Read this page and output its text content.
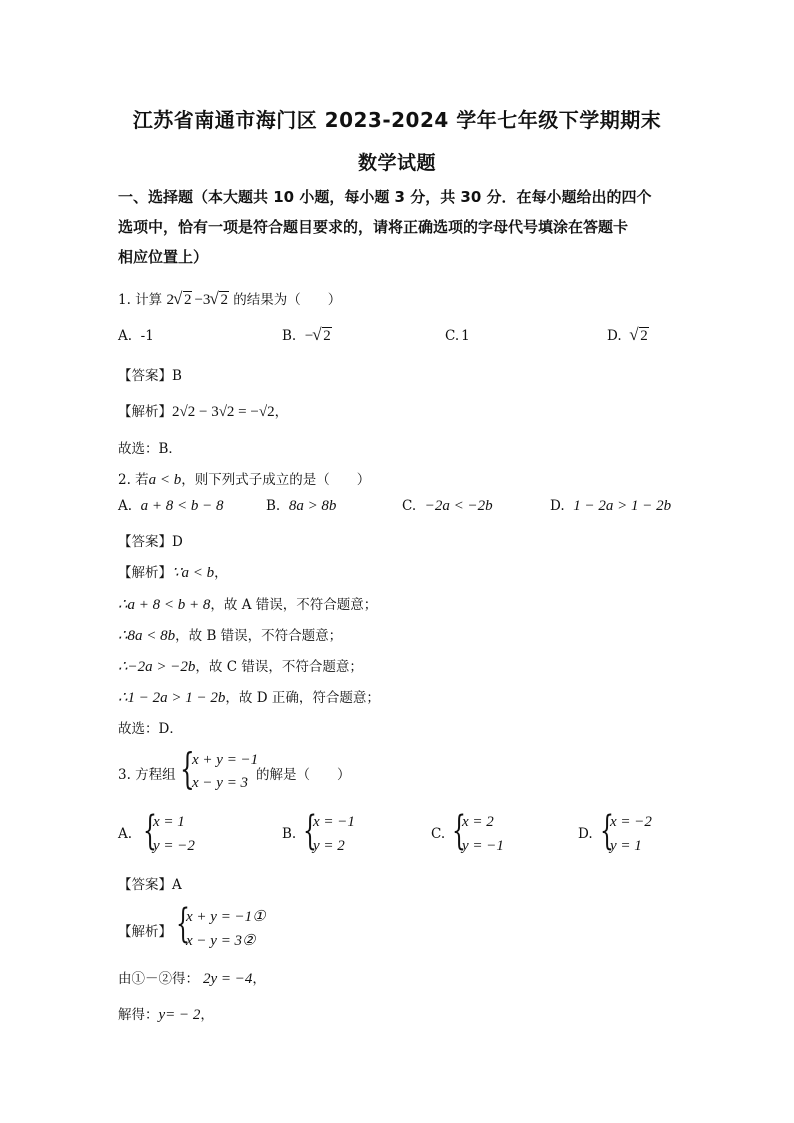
江苏省南通市海门区 2023-2024 学年七年级下学期期末
数学试题
一、选择题（本大题共 10 小题，每小题 3 分，共 30 分．在每小题给出的四个
选项中，恰有一项是符合题目要求的，请将正确选项的字母代号填涂在答题卡
相应位置上）
1. 计算 2 √ 2 −3 √ 2 的结果为（　　）
A. -1	B. − √ 2	C. 1	D. √ 2
【答案】B
【解析】2√2 − 3√2 = −√2，
故选：B．
2. 若a < b，则下列式子成立的是（　　）
A. a + 8 < b − 8	B. 8a > 8b	C. −2a < −2b	D. 1 − 2a > 1 − 2b
【答案】D
【解析】∵a < b，
∴a + 8 < b + 8，故 A 错误，不符合题意；
∴8a < 8b，故 B 错误，不符合题意；
∴−2a > −2b，故 C 错误，不符合题意；
∴1 − 2a > 1 − 2b，故 D 正确，符合题意；
故选：D．
3. 方程组 {
x + y = −1
x − y = 3 的解是（　　）
A. {
x = 1
y = −2
B. {
x = −1
y = 2
C. {
x = 2
y = −1
D. {
x = −2
y = 1
【答案】A
【解析】 {
x + y = −1①
x − y = 3②
由①－②得： 2y = −4，
解得：y= − 2，
